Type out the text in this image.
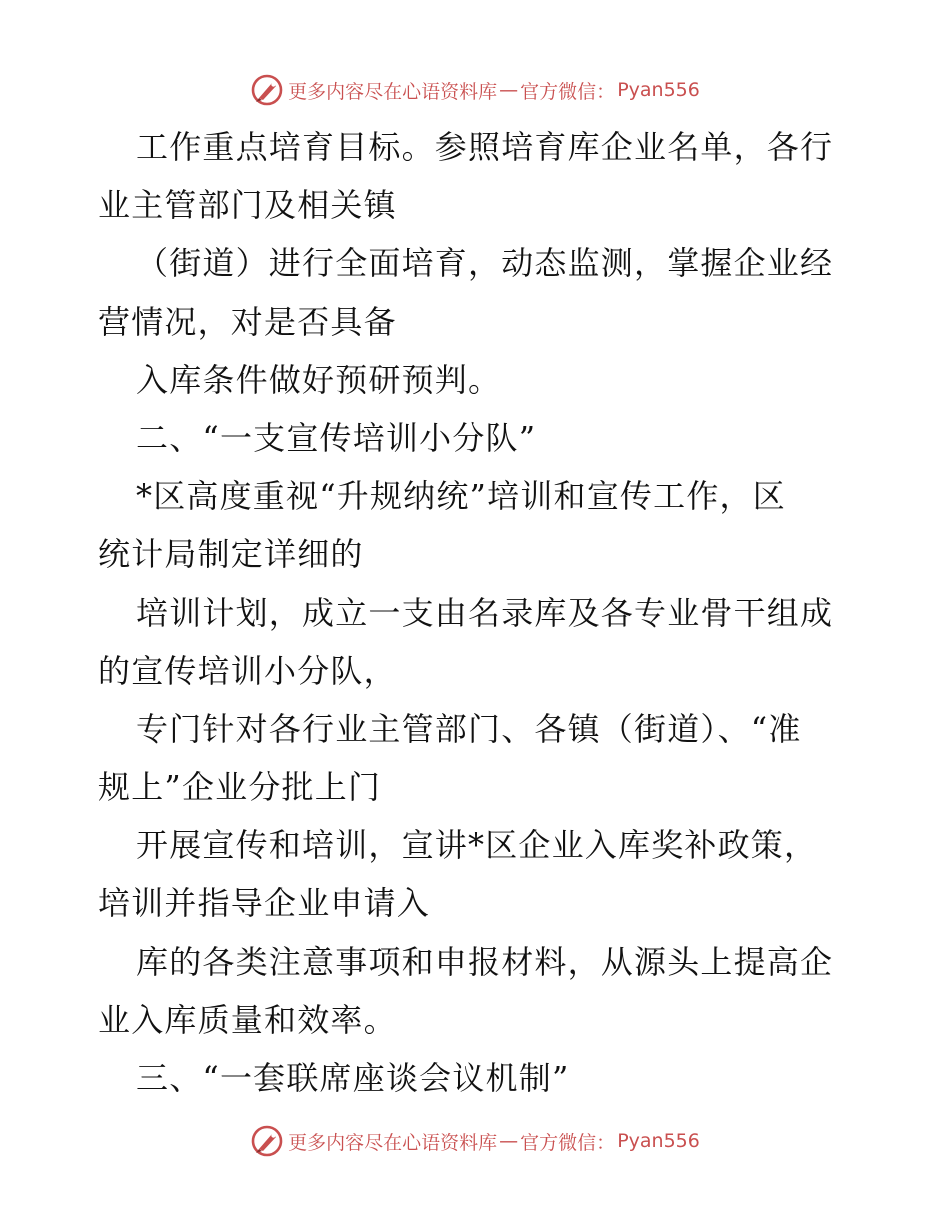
更多内容尽在心语资料库 — 官方微信： Pyan556
工作重点培育目标。参照培育库企业名单，各行
业主管部门及相关镇
（街道）进行全面培育，动态监测，掌握企业经
营情况，对是否具备
入库条件做好预研预判。
二、“一支宣传培训小分队”
*区高度重视“升规纳统”培训和宣传工作，区
统计局制定详细的
培训计划，成立一支由名录库及各专业骨干组成
的宣传培训小分队，
专门针对各行业主管部门、各镇（街道）、“准
规上”企业分批上门
开展宣传和培训，宣讲*区企业入库奖补政策，
培训并指导企业申请入
库的各类注意事项和申报材料，从源头上提高企
业入库质量和效率。
三、“一套联席座谈会议机制”
更多内容尽在心语资料库 — 官方微信： Pyan556
